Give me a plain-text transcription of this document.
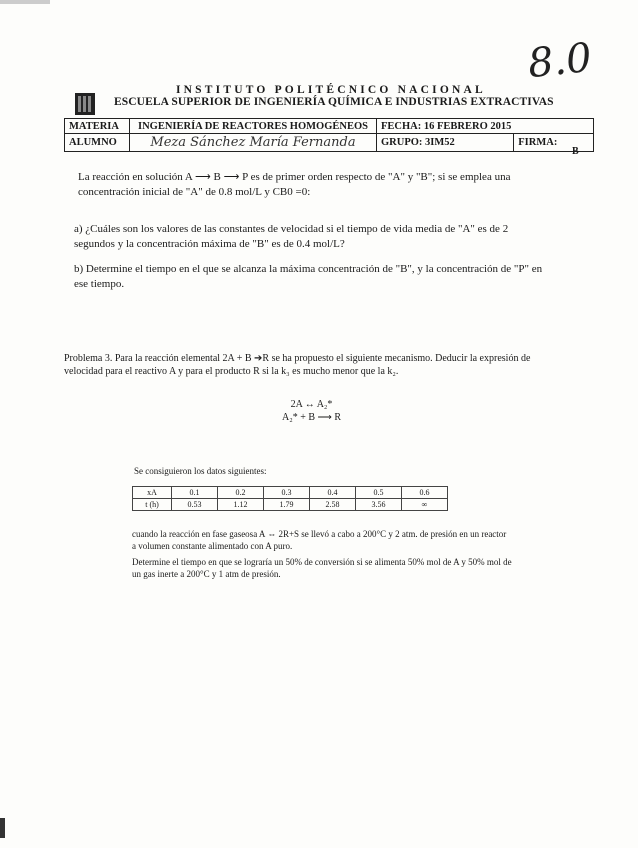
8.0
INSTITUTO POLITÉCNICO NACIONAL
ESCUELA SUPERIOR DE INGENIERÍA QUÍMICA E INDUSTRIAS EXTRACTIVAS
MATERIA	INGENIERÍA DE REACTORES HOMOGÉNEOS	FECHA: 16 FEBRERO 2015	
ALUMNO	Meza Sánchez María Fernanda	GRUPO: 3IM52	FIRMA:
B
La reacción en solución A ⟶ B ⟶ P es de primer orden respecto de "A" y "B"; si se emplea una concentración inicial de "A" de 0.8 mol/L y CB0 =0:
a) ¿Cuáles son los valores de las constantes de velocidad si el tiempo de vida media de "A" es de 2 segundos y la concentración máxima de "B" es de 0.4 mol/L?
b) Determine el tiempo en el que se alcanza la máxima concentración de "B", y la concentración de "P" en ese tiempo.
Problema 3. Para la reacción elemental 2A + B ➔R se ha propuesto el siguiente mecanismo. Deducir la expresión de velocidad para el reactivo A y para el producto R si la k₃ es mucho menor que la k₂.
2A ↔ A₂*
A₂* + B ⟶ R
Se consiguieron los datos siguientes:
xA	0.1	0.2	0.3	0.4	0.5	0.6
t (h)	0.53	1.12	1.79	2.58	3.56	∞
cuando la reacción en fase gaseosa A ⇔ 2R+S se llevó a cabo a 200°C y 2 atm. de presión en un reactor a volumen constante alimentado con A puro.
Determine el tiempo en que se lograría un 50% de conversión si se alimenta 50% mol de A y 50% mol de un gas inerte a 200°C y 1 atm de presión.
